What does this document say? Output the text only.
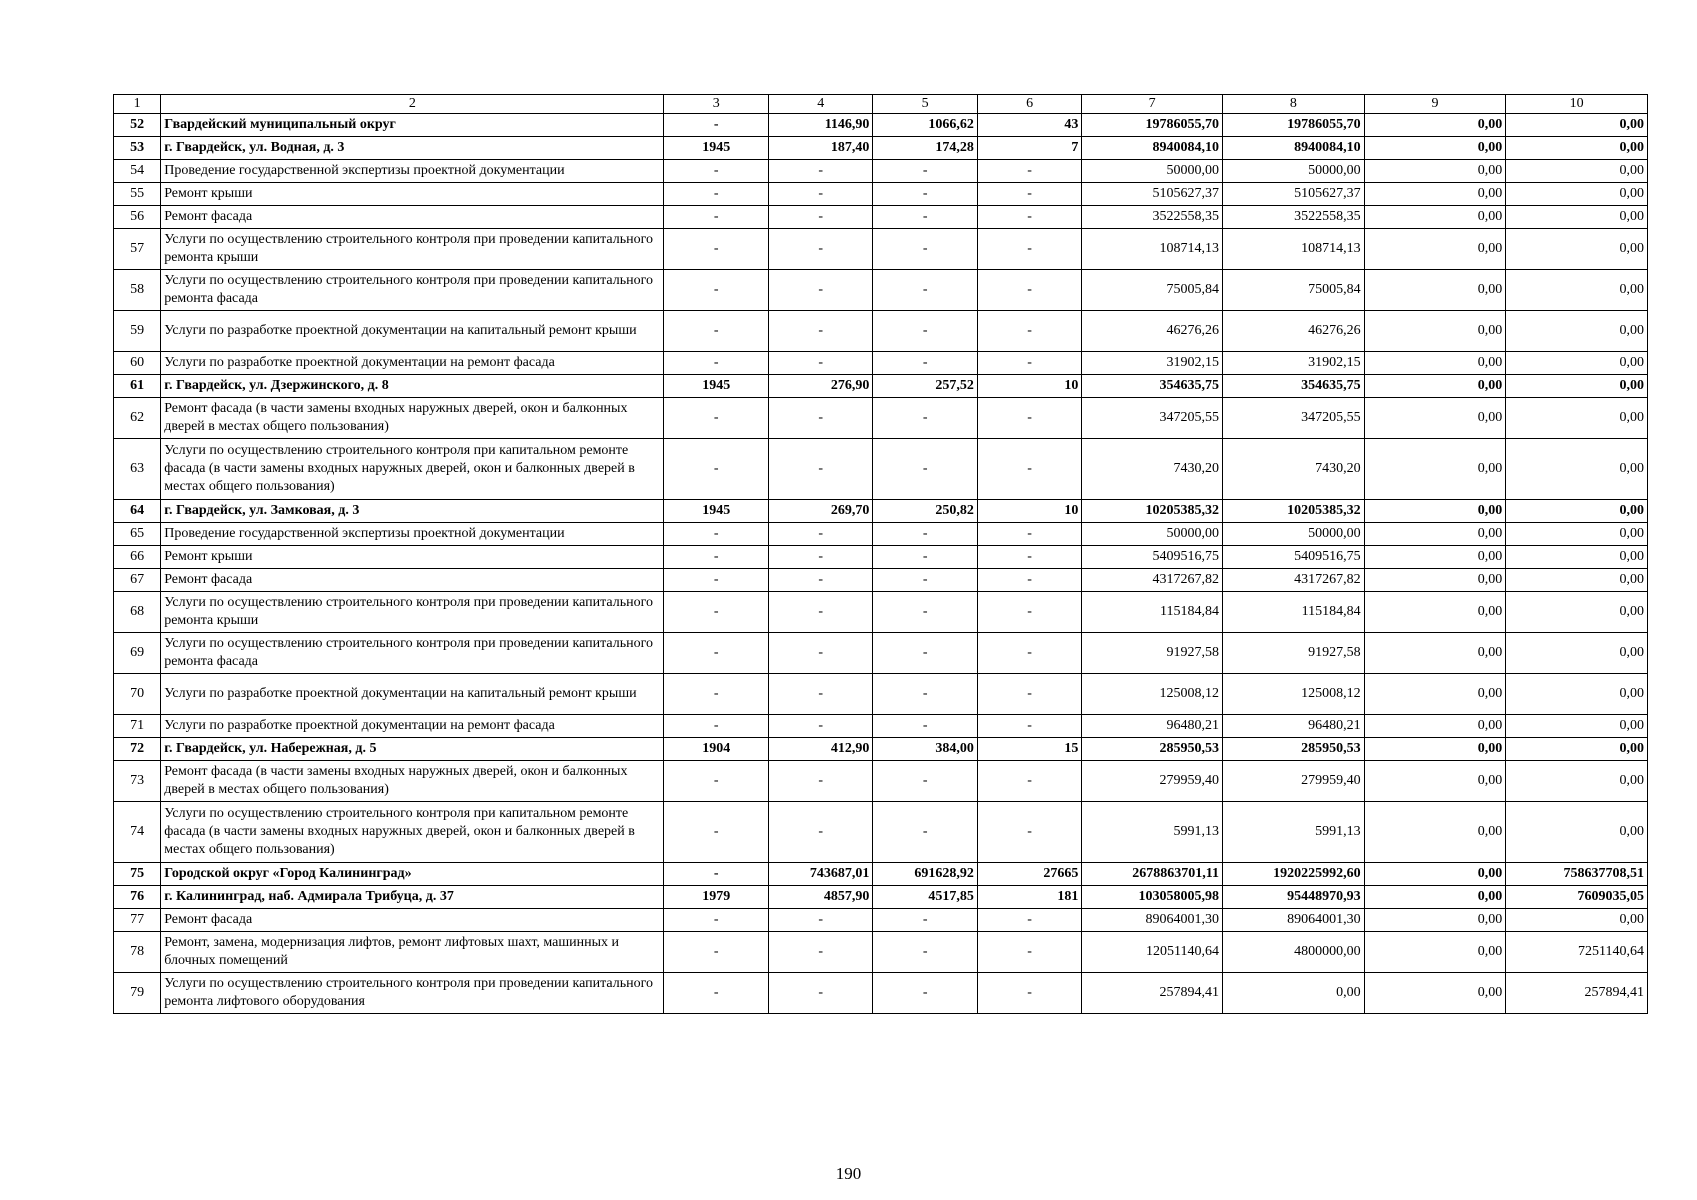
1	2	3	4	5	6	7	8	9	10
52	Гвардейский муниципальный округ	-	1146,90	1066,62	43	19786055,70	19786055,70	0,00	0,00
53	г. Гвардейск, ул. Водная, д. 3	1945	187,40	174,28	7	8940084,10	8940084,10	0,00	0,00
54	Проведение государственной экспертизы проектной документации	-	-	-	-	50000,00	50000,00	0,00	0,00
55	Ремонт крыши	-	-	-	-	5105627,37	5105627,37	0,00	0,00
56	Ремонт фасада	-	-	-	-	3522558,35	3522558,35	0,00	0,00
57	Услуги по осуществлению строительного контроля при проведении капитального ремонта крыши	-	-	-	-	108714,13	108714,13	0,00	0,00
58	Услуги по осуществлению строительного контроля при проведении капитального ремонта фасада	-	-	-	-	75005,84	75005,84	0,00	0,00
59	Услуги по разработке проектной документации на капитальный ремонт крыши	-	-	-	-	46276,26	46276,26	0,00	0,00
60	Услуги по разработке проектной документации на ремонт фасада	-	-	-	-	31902,15	31902,15	0,00	0,00
61	г. Гвардейск, ул. Дзержинского, д. 8	1945	276,90	257,52	10	354635,75	354635,75	0,00	0,00
62	Ремонт фасада (в части замены входных наружных дверей, окон и балконных дверей в местах общего пользования)	-	-	-	-	347205,55	347205,55	0,00	0,00
63	Услуги по осуществлению строительного контроля при капитальном ремонте фасада (в части замены входных наружных дверей, окон и балконных дверей в местах общего пользования)	-	-	-	-	7430,20	7430,20	0,00	0,00
64	г. Гвардейск, ул. Замковая, д. 3	1945	269,70	250,82	10	10205385,32	10205385,32	0,00	0,00
65	Проведение государственной экспертизы проектной документации	-	-	-	-	50000,00	50000,00	0,00	0,00
66	Ремонт крыши	-	-	-	-	5409516,75	5409516,75	0,00	0,00
67	Ремонт фасада	-	-	-	-	4317267,82	4317267,82	0,00	0,00
68	Услуги по осуществлению строительного контроля при проведении капитального ремонта крыши	-	-	-	-	115184,84	115184,84	0,00	0,00
69	Услуги по осуществлению строительного контроля при проведении капитального ремонта фасада	-	-	-	-	91927,58	91927,58	0,00	0,00
70	Услуги по разработке проектной документации на капитальный ремонт крыши	-	-	-	-	125008,12	125008,12	0,00	0,00
71	Услуги по разработке проектной документации на ремонт фасада	-	-	-	-	96480,21	96480,21	0,00	0,00
72	г. Гвардейск, ул. Набережная, д. 5	1904	412,90	384,00	15	285950,53	285950,53	0,00	0,00
73	Ремонт фасада (в части замены входных наружных дверей, окон и балконных дверей в местах общего пользования)	-	-	-	-	279959,40	279959,40	0,00	0,00
74	Услуги по осуществлению строительного контроля при капитальном ремонте фасада (в части замены входных наружных дверей, окон и балконных дверей в местах общего пользования)	-	-	-	-	5991,13	5991,13	0,00	0,00
75	Городской округ «Город Калининград»	-	743687,01	691628,92	27665	2678863701,11	1920225992,60	0,00	758637708,51
76	г. Калининград, наб. Адмирала Трибуца, д. 37	1979	4857,90	4517,85	181	103058005,98	95448970,93	0,00	7609035,05
77	Ремонт фасада	-	-	-	-	89064001,30	89064001,30	0,00	0,00
78	Ремонт, замена, модернизация лифтов, ремонт лифтовых шахт, машинных и блочных помещений	-	-	-	-	12051140,64	4800000,00	0,00	7251140,64
79	Услуги по осуществлению строительного контроля при проведении капитального ремонта лифтового оборудования	-	-	-	-	257894,41	0,00	0,00	257894,41
190
